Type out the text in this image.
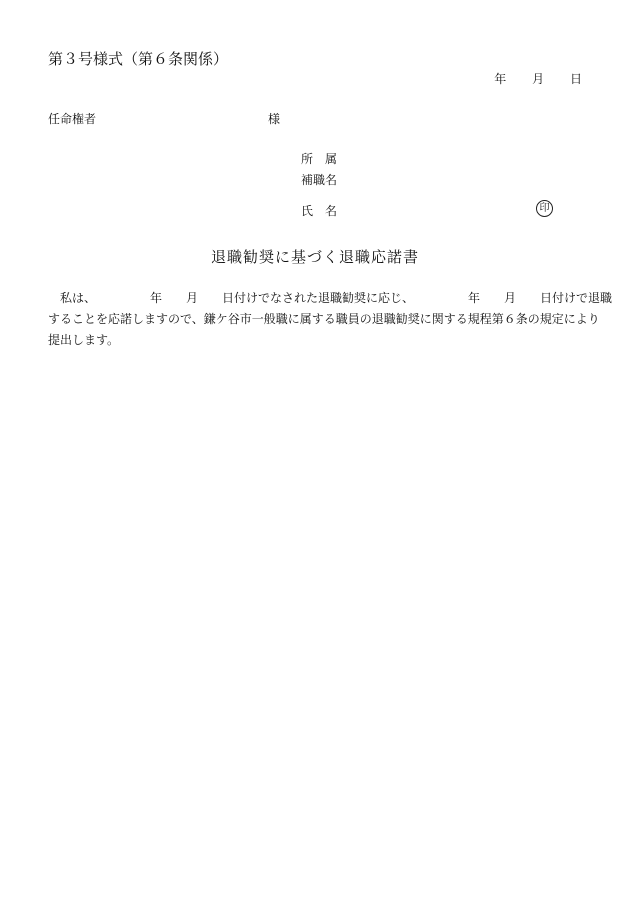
第３号様式（第６条関係）
年 月 日
任命権者	様
所　属
補職名
氏　名	印
退職勧奨に基づく退職応諾書
　私は、　　　　　年　　月　　日付けでなされた退職勧奨に応じ、　　　　　年　　月　　日付けで退職
することを応諾しますので、鎌ケ谷市一般職に属する職員の退職勧奨に関する規程第６条の規定により
提出します。
